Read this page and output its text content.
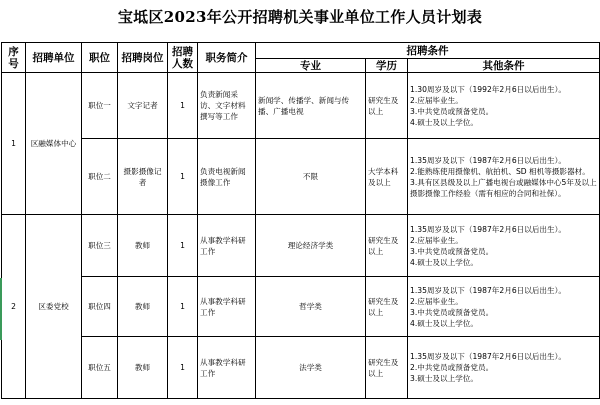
宝坻区2023年公开招聘机关事业单位工作人员计划表
序号	招聘单位	职位	招聘岗位	招聘人数	职务简介	招聘条件		
						专业	学历	其他条件
1	区融媒体中心	职位一	文字记者	1	负责新闻采访、文字材料撰写等工作	新闻学、传播学、新闻与传播、广播电视	研究生及以上	1.30周岁及以下（1992年2月6日以后出生）。
2.应届毕业生。
3.中共党员或预备党员。
4.硕士及以上学位。

		职位二	摄影摄像记者	1	负责电视新闻摄像工作	不限	大学本科及以上	1.35周岁及以下（1987年2月6日以后出生）。
2.能熟练使用摄像机、航拍机、SD 相机等摄影器材。
3.具有区县级及以上广播电视台或融媒体中心5年及以上摄影摄像工作经验（需有相应的合同和社保）。

2	区委党校	职位三	教师	1	从事教学科研工作	理论经济学类	研究生及以上	1.35周岁及以下（1987年2月6日以后出生）。
2.应届毕业生。
3.中共党员或预备党员。
4.硕士及以上学位。

		职位四	教师	1	从事教学科研工作	哲学类	研究生及以上	1.35周岁及以下（1987年2月6日以后出生）。
2.应届毕业生。
3.中共党员或预备党员。
4.硕士及以上学位。

		职位五	教师	1	从事教学科研工作	法学类	研究生及以上	1.35周岁及以下（1987年2月6日以后出生）。
2.中共党员或预备党员。
3.硕士及以上学位。
